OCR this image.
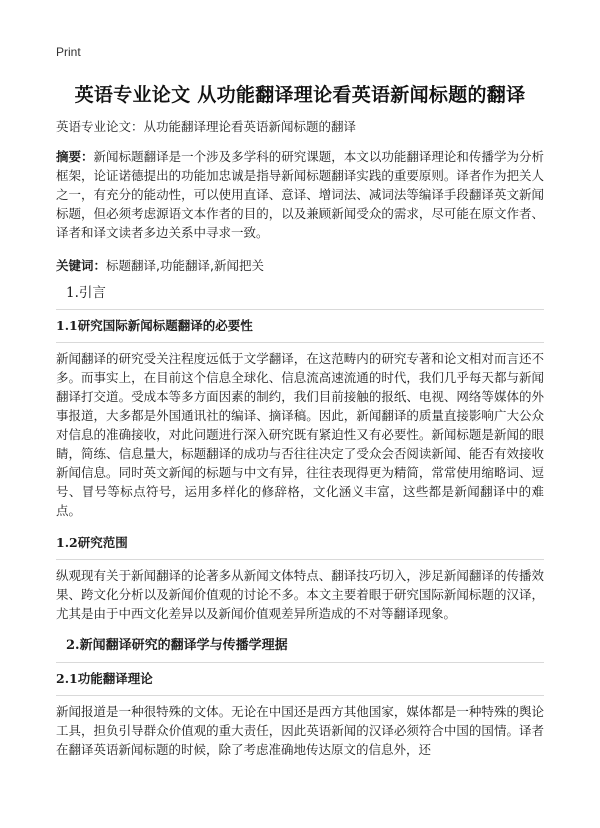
Print
英语专业论文 从功能翻译理论看英语新闻标题的翻译

英语专业论文：从功能翻译理论看英语新闻标题的翻译

摘要：新闻标题翻译是一个涉及多学科的研究课题，本文以功能翻译理论和传播学为分析框架，论证诺德提出的功能加忠诚是指导新闻标题翻译实践的重要原则。译者作为把关人之一，有充分的能动性，可以使用直译、意译、增词法、减词法等编译手段翻译英文新闻标题，但必须考虑源语文本作者的目的，以及兼顾新闻受众的需求，尽可能在原文作者、译者和译文读者多边关系中寻求一致。

关键词：标题翻译,功能翻译,新闻把关

1.引言
1.1研究国际新闻标题翻译的必要性

新闻翻译的研究受关注程度远低于文学翻译，在这范畴内的研究专著和论文相对而言还不多。而事实上，在目前这个信息全球化、信息流高速流通的时代，我们几乎每天都与新闻翻译打交道。受成本等多方面因素的制约，我们目前接触的报纸、电视、网络等媒体的外事报道，大多都是外国通讯社的编译、摘译稿。因此，新闻翻译的质量直接影响广大公众对信息的准确接收，对此问题进行深入研究既有紧迫性又有必要性。新闻标题是新闻的眼睛，简练、信息量大，标题翻译的成功与否往往决定了受众会否阅读新闻、能否有效接收新闻信息。同时英文新闻的标题与中文有异，往往表现得更为精简，常常使用缩略词、逗号、冒号等标点符号，运用多样化的修辞格，文化涵义丰富，这些都是新闻翻译中的难点。

1.2研究范围

纵观现有关于新闻翻译的论著多从新闻文体特点、翻译技巧切入，涉足新闻翻译的传播效果、跨文化分析以及新闻价值观的讨论不多。本文主要着眼于研究国际新闻标题的汉译，尤其是由于中西文化差异以及新闻价值观差异所造成的不对等翻译现象。

2.新闻翻译研究的翻译学与传播学理据
2.1功能翻译理论

新闻报道是一种很特殊的文体。无论在中国还是西方其他国家，媒体都是一种特殊的舆论工具，担负引导群众价值观的重大责任，因此英语新闻的汉译必须符合中国的国情。译者在翻译英语新闻标题的时候，除了考虑准确地传达原文的信息外，还
